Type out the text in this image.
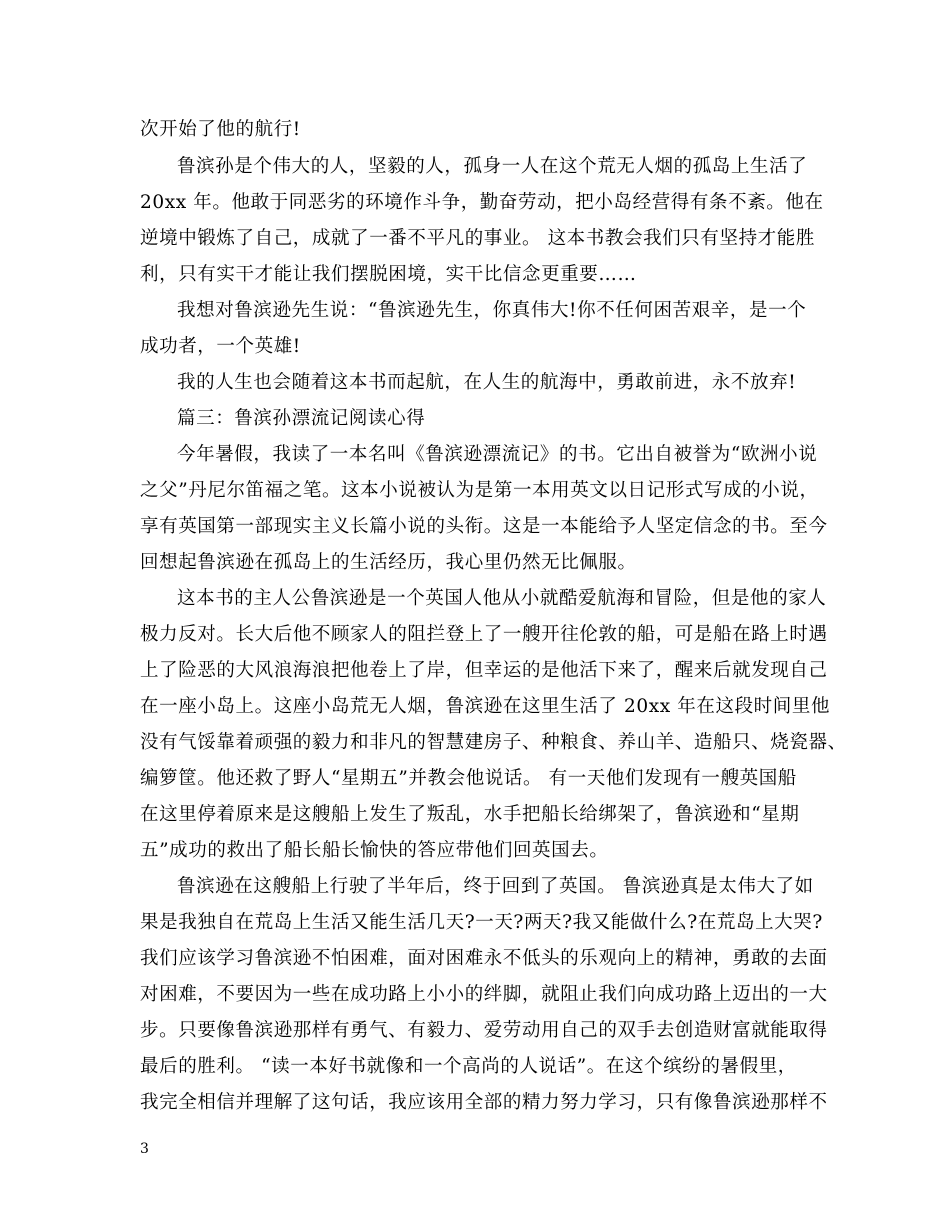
次开始了他的航行!
鲁滨孙是个伟大的人，坚毅的人，孤身一人在这个荒无人烟的孤岛上生活了
20xx 年。他敢于同恶劣的环境作斗争，勤奋劳动，把小岛经营得有条不紊。他在
逆境中锻炼了自己，成就了一番不平凡的事业。 这本书教会我们只有坚持才能胜
利，只有实干才能让我们摆脱困境，实干比信念更重要……
我想对鲁滨逊先生说：“鲁滨逊先生，你真伟大!你不任何困苦艰辛，是一个
成功者，一个英雄!
我的人生也会随着这本书而起航，在人生的航海中，勇敢前进，永不放弃!
篇三：鲁滨孙漂流记阅读心得
今年暑假，我读了一本名叫《鲁滨逊漂流记》的书。它出自被誉为“欧洲小说
之父”丹尼尔笛福之笔。这本小说被认为是第一本用英文以日记形式写成的小说，
享有英国第一部现实主义长篇小说的头衔。这是一本能给予人坚定信念的书。至今
回想起鲁滨逊在孤岛上的生活经历，我心里仍然无比佩服。
这本书的主人公鲁滨逊是一个英国人他从小就酷爱航海和冒险，但是他的家人
极力反对。长大后他不顾家人的阻拦登上了一艘开往伦敦的船，可是船在路上时遇
上了险恶的大风浪海浪把他卷上了岸，但幸运的是他活下来了，醒来后就发现自己
在一座小岛上。这座小岛荒无人烟，鲁滨逊在这里生活了 20xx 年在这段时间里他
没有气馁靠着顽强的毅力和非凡的智慧建房子、种粮食、养山羊、造船只、烧瓷器、
编箩筐。他还救了野人“星期五”并教会他说话。 有一天他们发现有一艘英国船
在这里停着原来是这艘船上发生了叛乱，水手把船长给绑架了，鲁滨逊和“星期
五”成功的救出了船长船长愉快的答应带他们回英国去。
鲁滨逊在这艘船上行驶了半年后，终于回到了英国。 鲁滨逊真是太伟大了如
果是我独自在荒岛上生活又能生活几天?一天?两天?我又能做什么?在荒岛上大哭?
我们应该学习鲁滨逊不怕困难，面对困难永不低头的乐观向上的精神，勇敢的去面
对困难，不要因为一些在成功路上小小的绊脚，就阻止我们向成功路上迈出的一大
步。只要像鲁滨逊那样有勇气、有毅力、爱劳动用自己的双手去创造财富就能取得
最后的胜利。 “读一本好书就像和一个高尚的人说话”。在这个缤纷的暑假里，
我完全相信并理解了这句话，我应该用全部的精力努力学习，只有像鲁滨逊那样不
3
